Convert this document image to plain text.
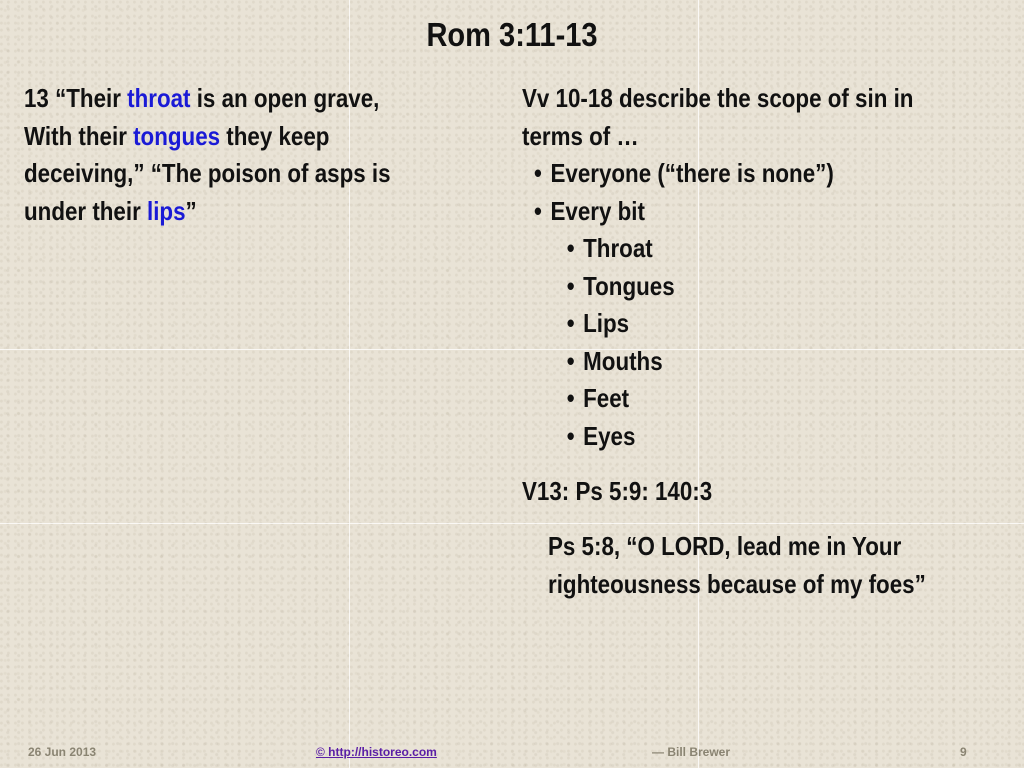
Rom 3:11-13
13 “Their throat is an open grave, With their tongues they keep deceiving,” “The poison of asps is under their lips”
Vv 10-18 describe the scope of sin in terms of …
• Everyone (“there is none”)
• Every bit
• Throat
• Tongues
• Lips
• Mouths
• Feet
• Eyes
V13: Ps 5:9: 140:3
Ps 5:8, “O LORD, lead me in Your righteousness because of my foes”
26 Jun 2013	© http://historeo.com	— Bill Brewer	9
